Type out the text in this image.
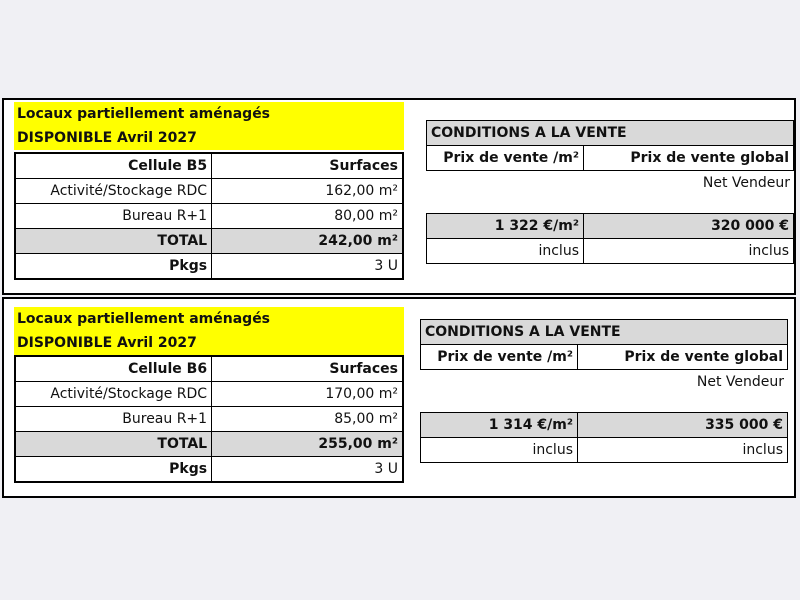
Locaux partiellement aménagés
DISPONIBLE Avril 2027
Cellule B5	Surfaces
Activité/Stockage RDC	162,00 m²
Bureau R+1	80,00 m²
TOTAL	242,00 m²
Pkgs	3 U
CONDITIONS A LA VENTE
Prix de vente /m²	Prix de vente global
Net Vendeur
1 322 €/m²	320 000 €
inclus	inclus
Locaux partiellement aménagés
DISPONIBLE Avril 2027
Cellule B6	Surfaces
Activité/Stockage RDC	170,00 m²
Bureau R+1	85,00 m²
TOTAL	255,00 m²
Pkgs	3 U
CONDITIONS A LA VENTE
Prix de vente /m²	Prix de vente global
Net Vendeur
1 314 €/m²	335 000 €
inclus	inclus
